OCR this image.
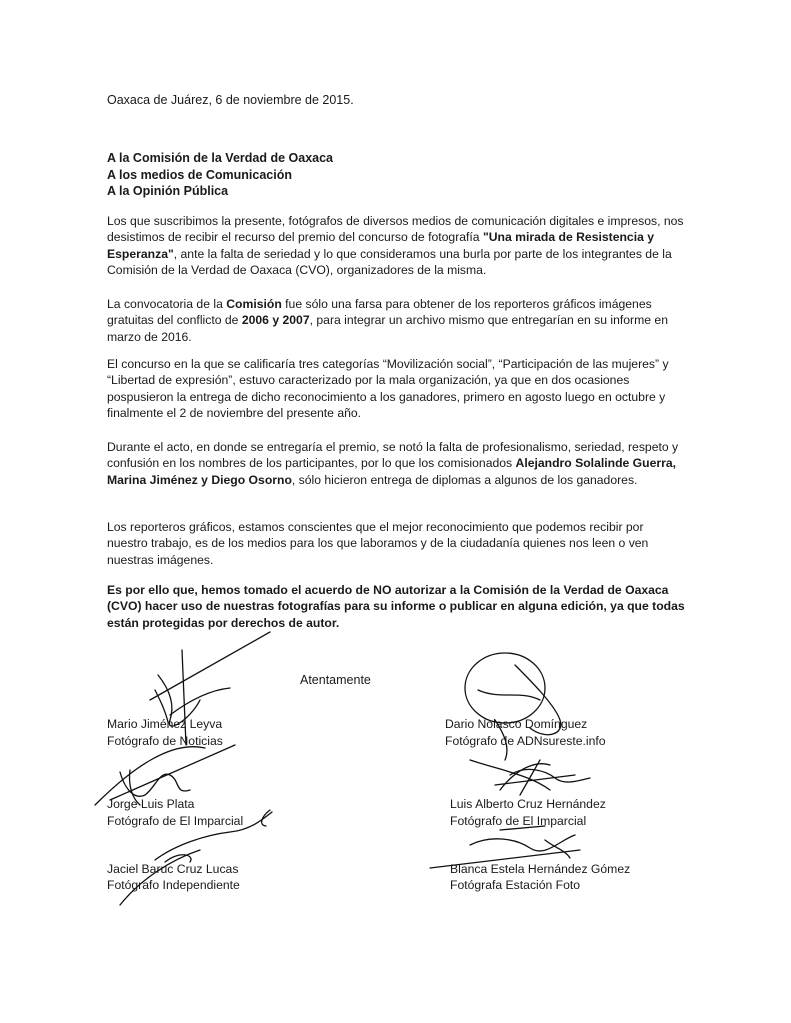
Oaxaca de Juárez, 6 de noviembre de 2015.
A la Comisión de la Verdad de Oaxaca
A los medios de Comunicación
A la Opinión Pública

Los que suscribimos la presente, fotógrafos de diversos medios de comunicación digitales e impresos, nos desistimos de recibir el recurso del premio del concurso de fotografía "Una mirada de Resistencia y Esperanza", ante la falta de seriedad y lo que consideramos una burla por parte de los integrantes de la Comisión de la Verdad de Oaxaca (CVO), organizadores de la misma.

La convocatoria de la Comisión fue sólo una farsa para obtener de los reporteros gráficos imágenes gratuitas del conflicto de 2006 y 2007, para integrar un archivo mismo que entregarían en su informe en marzo de 2016.

El concurso en la que se calificaría tres categorías “Movilización social”, “Participación de las mujeres” y “Libertad de expresión”, estuvo caracterizado por la mala organización, ya que en dos ocasiones pospusieron la entrega de dicho reconocimiento a los ganadores, primero en agosto luego en octubre y finalmente el 2 de noviembre del presente año.

Durante el acto, en donde se entregaría el premio, se notó la falta de profesionalismo, seriedad, respeto y confusión en los nombres de los participantes, por lo que los comisionados Alejandro Solalinde Guerra, Marina Jiménez y Diego Osorno, sólo hicieron entrega de diplomas a algunos de los ganadores.

Los reporteros gráficos, estamos conscientes que el mejor reconocimiento que podemos recibir por nuestro trabajo, es de los medios para los que laboramos y de la ciudadanía quienes nos leen o ven nuestras imágenes.

Es por ello que, hemos tomado el acuerdo de NO autorizar a la Comisión de la Verdad de Oaxaca (CVO) hacer uso de nuestras fotografías para su informe o publicar en alguna edición, ya que todas están protegidas por derechos de autor.

Atentamente
Mario Jiménez Leyva
Fotógrafo de Noticias
Dario Nolasco Domínguez
Fotógrafo de ADNsureste.info
Jorge Luis Plata
Fotógrafo de El Imparcial
Luis Alberto Cruz Hernández
Fotógrafo de El Imparcial
Jaciel Baruc Cruz Lucas
Fotógrafo Independiente
Blanca Estela Hernández Gómez
Fotógrafa Estación Foto
